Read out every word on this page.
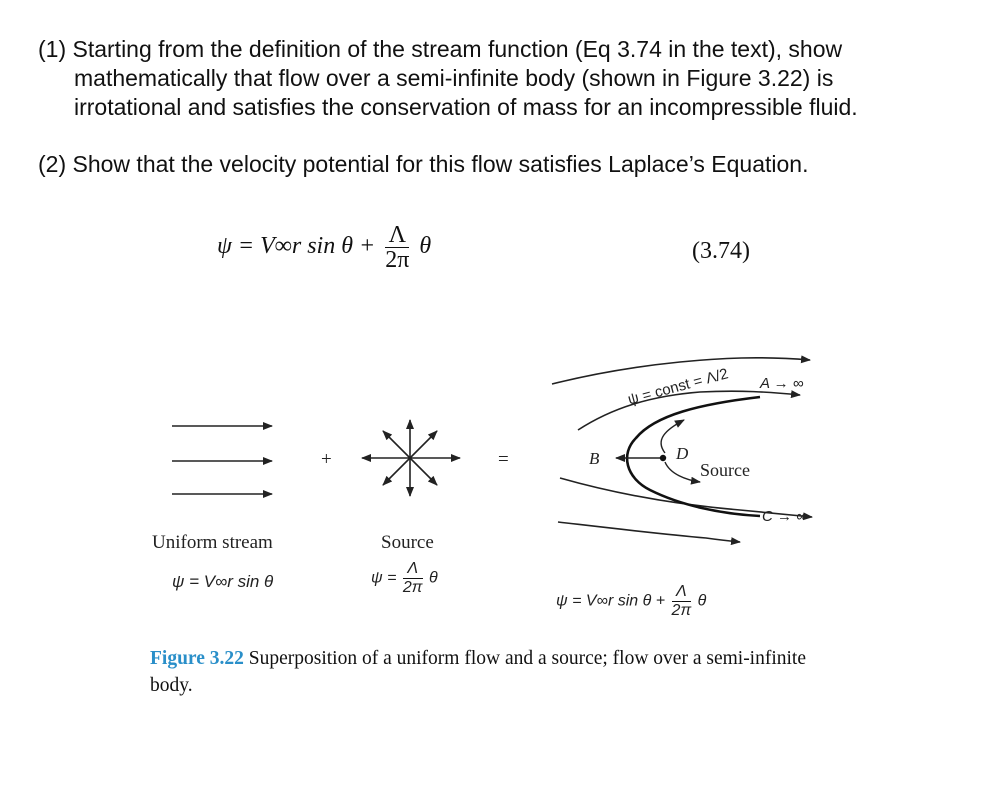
(1) Starting from the definition of the stream function (Eq 3.74 in the text), show
mathematically that flow over a semi-infinite body (shown in Figure 3.22) is
irrotational and satisfies the conservation of mass for an incompressible fluid.
(2) Show that the velocity potential for this flow satisfies Laplace’s Equation.
ψ = V∞r $\sin \theta + \frac{\Lambda}{2\pi}$ θ	(3.74)
+	=
Uniform stream
ψ = V∞r sin θ
Source
$\psi = \frac{\Lambda}{2\pi}$ θ
B	D
Source
ψ = const = Λ/2 A → ∞
C → ∞
ψ = V∞r $\sin \theta + \frac{\Lambda}{2\pi}$ θ
Figure 3.22 Superposition of a uniform flow and a source; flow over a semi-infinite body.
